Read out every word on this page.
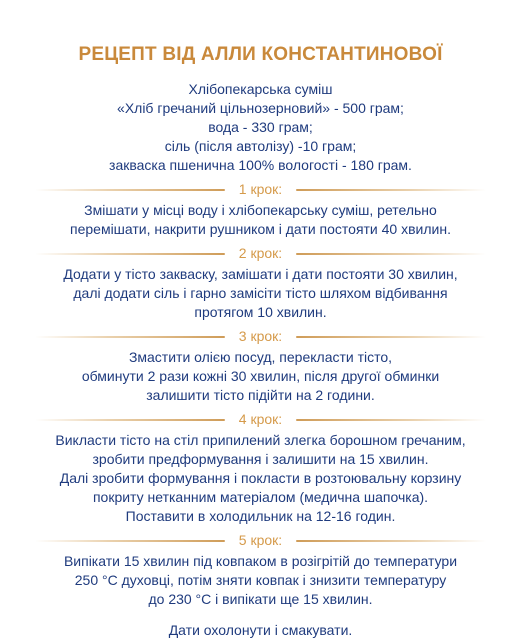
РЕЦЕПТ ВІД АЛЛИ КОНСТАНТИНОВОЇ
Хлібопекарська суміш
«Хліб гречаний цільнозерновий» - 500 грам;
вода - 330 грам;
сіль (після автолізу) -10 грам;
закваска пшенична 100% вологості - 180 грам.
1 крок:
Змішати у місці воду і хлібопекарську суміш, ретельно
перемішати, накрити рушником і дати постояти 40 хвилин.
2 крок:
Додати у тісто закваску, замішати і дати постояти 30 хвилин,
далі додати сіль і гарно замісіти тісто шляхом відбивання
протягом 10 хвилин.
3 крок:
Змастити олією посуд, перекласти тісто,
обминути 2 рази кожні 30 хвилин, після другої обминки
залишити тісто підійти на 2 години.
4 крок:
Викласти тісто на стіл припилений злегка борошном гречаним,
зробити предформування і залишити на 15 хвилин.
Далі зробити формування і покласти в розтоювальну корзину
покриту нетканним матеріалом (медична шапочка).
Поставити в холодильник на 12-16 годин.
5 крок:
Випікати 15 хвилин під ковпаком в розігрітій до температури
250 °С духовці, потім зняти ковпак і знизити температуру
до 230 °С і випікати ще 15 хвилин.
Дати охолонути і смакувати.
